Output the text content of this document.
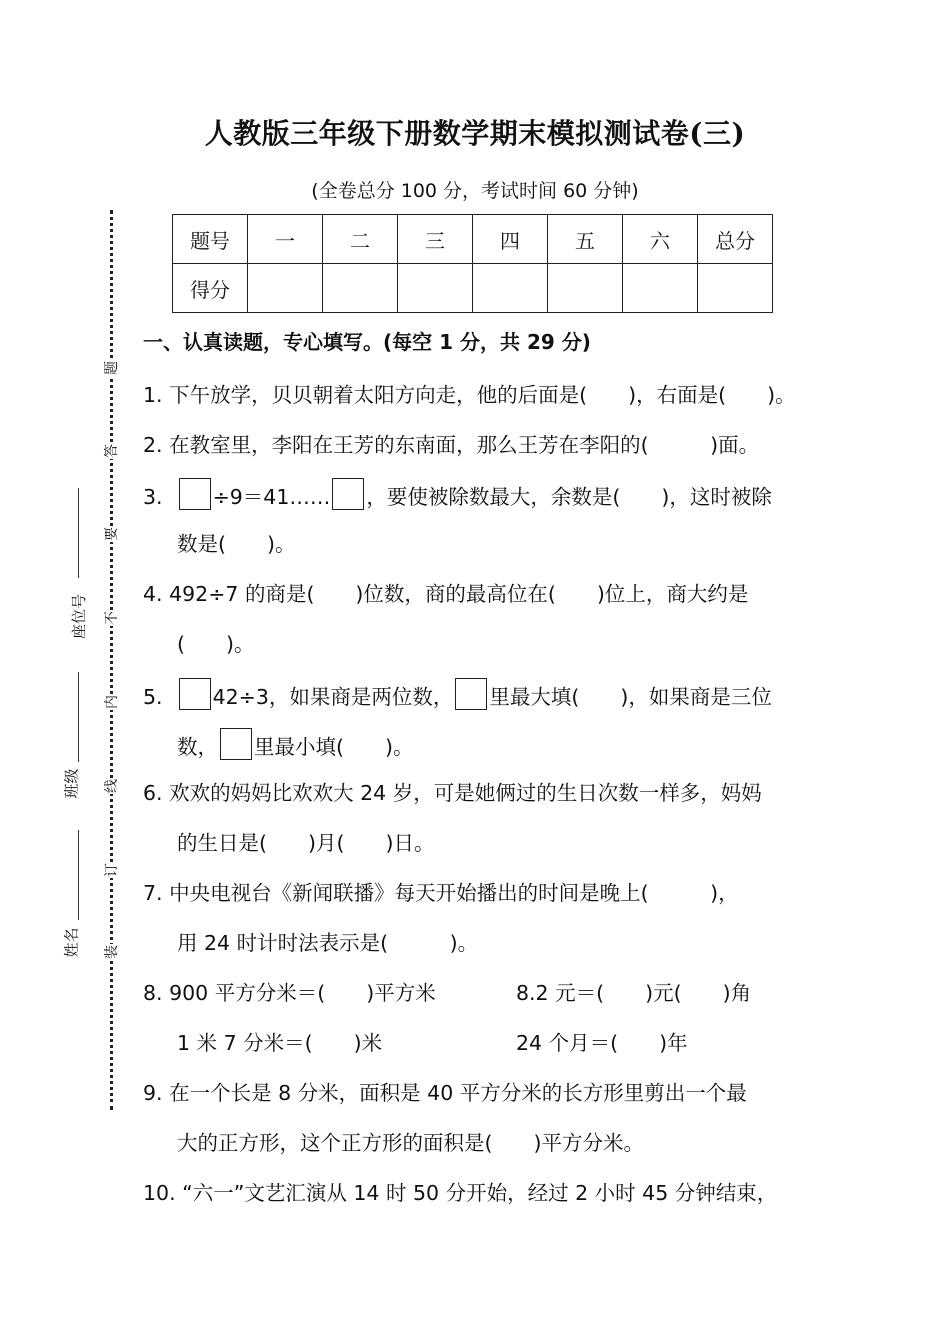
人教版三年级下册数学期末模拟测试卷(三)
(全卷总分 100 分，考试时间 60 分钟)
题号	一	二	三	四	五	六	总分
得分							
题
答
要
不
内
线
订
装
座位号
班级
姓名
一、认真读题，专心填写。(每空 1 分，共 29 分)
1. 下午放学，贝贝朝着太阳方向走，他的后面是(　　)，右面是(　　)。
2. 在教室里，李阳在王芳的东南面，那么王芳在李阳的(　　　)面。
3. ÷9＝41…… ，要使被除数最大，余数是(　　)，这时被除
数是(　　)。
4. 492÷7 的商是(　　)位数，商的最高位在(　　)位上，商大约是
(　　)。
5. 42÷3，如果商是两位数， 里最大填(　　)，如果商是三位
数， 里最小填(　　)。
6. 欢欢的妈妈比欢欢大 24 岁，可是她俩过的生日次数一样多，妈妈
的生日是(　　)月(　　)日。
7. 中央电视台《新闻联播》每天开始播出的时间是晚上(　　　)，
用 24 时计时法表示是(　　　)。
8. 900 平方分米＝(　　)平方米	8.2 元＝(　　)元(　　)角
1 米 7 分米＝(　　)米	24 个月＝(　　)年
9. 在一个长是 8 分米，面积是 40 平方分米的长方形里剪出一个最
大的正方形，这个正方形的面积是(　　)平方分米。
10. “六一”文艺汇演从 14 时 50 分开始，经过 2 小时 45 分钟结束，
